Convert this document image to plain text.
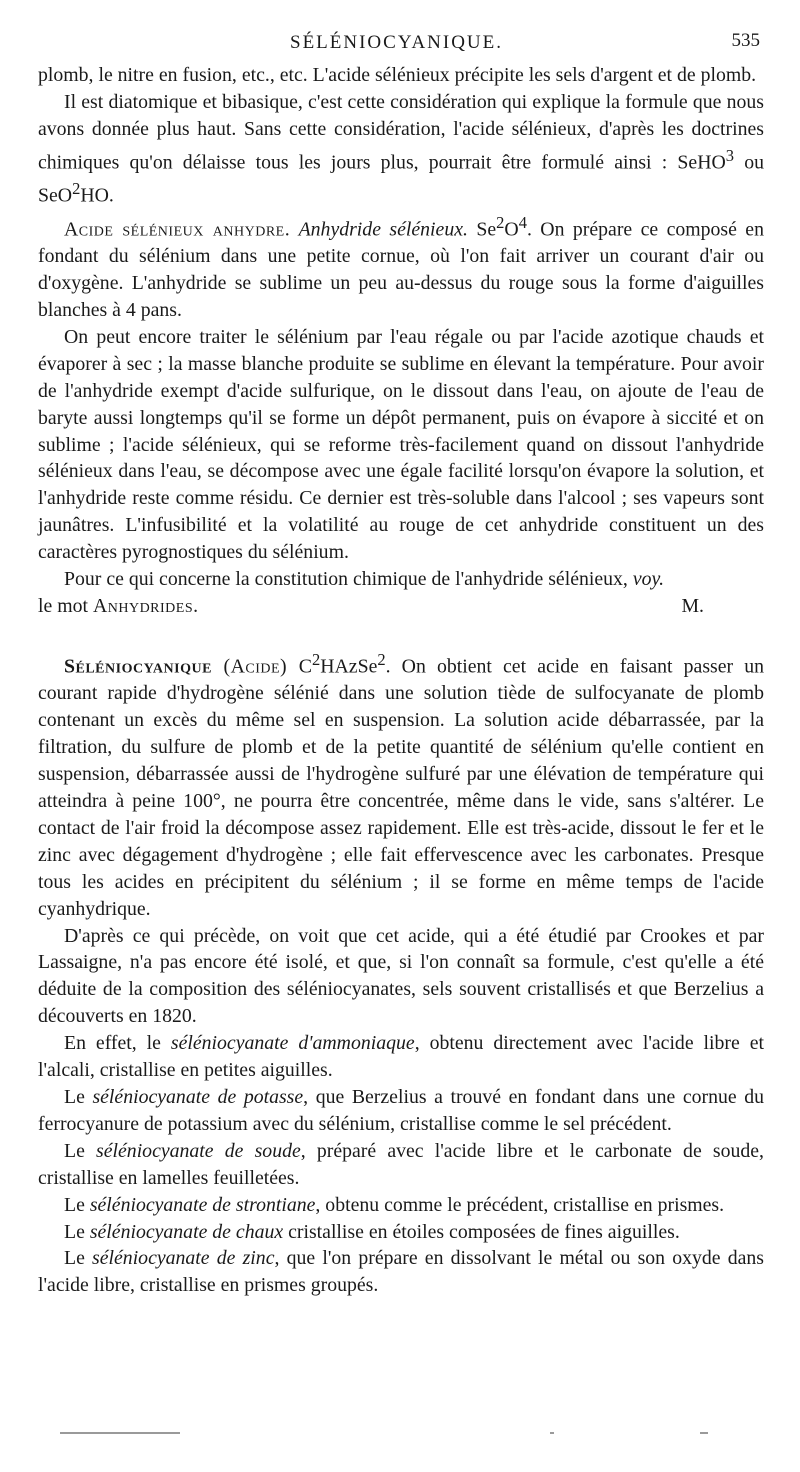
SÉLÉNIOCYANIQUE.	535

plomb, le nitre en fusion, etc., etc. L'acide sélénieux précipite les sels d'argent et de plomb.

Il est diatomique et bibasique, c'est cette considération qui explique la formule que nous avons donnée plus haut. Sans cette considération, l'acide sélénieux, d'après les doctrines chimiques qu'on délaisse tous les jours plus, pourrait être formulé ainsi : SeHO$^3$ ou SeO$^2$HO.

Acide sélénieux anhydre. Anhydride sélénieux. $Se^2O^4$. On prépare ce composé en fondant du sélénium dans une petite cornue, où l'on fait arriver un courant d'air ou d'oxygène. L'anhydride se sublime un peu au-dessus du rouge sous la forme d'aiguilles blanches à 4 pans.

On peut encore traiter le sélénium par l'eau régale ou par l'acide azotique chauds et évaporer à sec ; la masse blanche produite se sublime en élevant la température. Pour avoir de l'anhydride exempt d'acide sulfurique, on le dissout dans l'eau, on ajoute de l'eau de baryte aussi longtemps qu'il se forme un dépôt permanent, puis on évapore à siccité et on sublime ; l'acide sélénieux, qui se reforme très-facilement quand on dissout l'anhydride sélénieux dans l'eau, se décompose avec une égale facilité lorsqu'on évapore la solution, et l'anhydride reste comme résidu. Ce dernier est très-soluble dans l'alcool ; ses vapeurs sont jaunâtres. L'infusibilité et la volatilité au rouge de cet anhydride constituent un des caractères pyrognostiques du sélénium.

Pour ce qui concerne la constitution chimique de l'anhydride sélénieux, voy.

le mot Anhydrides.	M.

Séléniocyanique (Acide) $C^2HAzSe^2$. On obtient cet acide en faisant passer un courant rapide d'hydrogène sélénié dans une solution tiède de sulfocyanate de plomb contenant un excès du même sel en suspension. La solution acide débarrassée, par la filtration, du sulfure de plomb et de la petite quantité de sélénium qu'elle contient en suspension, débarrassée aussi de l'hydrogène sulfuré par une élévation de température qui atteindra à peine 100°, ne pourra être concentrée, même dans le vide, sans s'altérer. Le contact de l'air froid la décompose assez rapidement. Elle est très-acide, dissout le fer et le zinc avec dégagement d'hydrogène ; elle fait effervescence avec les carbonates. Presque tous les acides en précipitent du sélénium ; il se forme en même temps de l'acide cyanhydrique.

D'après ce qui précède, on voit que cet acide, qui a été étudié par Crookes et par Lassaigne, n'a pas encore été isolé, et que, si l'on connaît sa formule, c'est qu'elle a été déduite de la composition des séléniocyanates, sels souvent cristallisés et que Berzelius a découverts en 1820.

En effet, le séléniocyanate d'ammoniaque, obtenu directement avec l'acide libre et l'alcali, cristallise en petites aiguilles.

Le séléniocyanate de potasse, que Berzelius a trouvé en fondant dans une cornue du ferrocyanure de potassium avec du sélénium, cristallise comme le sel précédent.

Le séléniocyanate de soude, préparé avec l'acide libre et le carbonate de soude, cristallise en lamelles feuilletées.

Le séléniocyanate de strontiane, obtenu comme le précédent, cristallise en prismes.

Le séléniocyanate de chaux cristallise en étoiles composées de fines aiguilles.

Le séléniocyanate de zinc, que l'on prépare en dissolvant le métal ou son oxyde dans l'acide libre, cristallise en prismes groupés.
